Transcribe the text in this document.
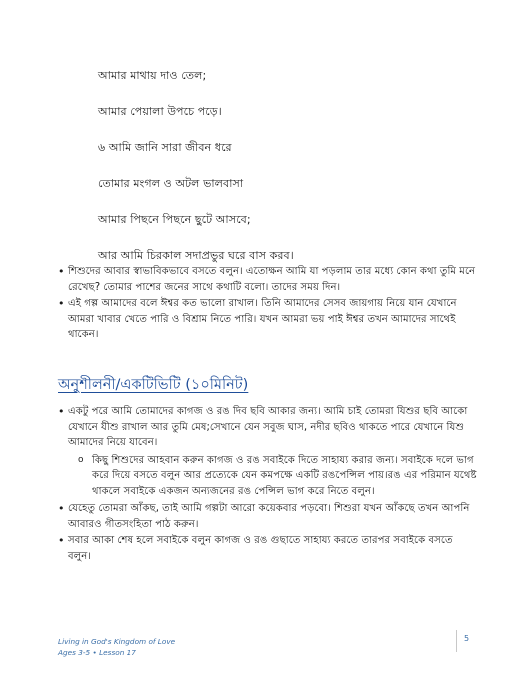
আমার মাথায় দাও তেল;

আমার পেয়ালা উপচে পড়ে।

৬ আমি জানি সারা জীবন ধরে

তোমার মংগল ও অটল ভালবাসা

আমার পিছনে পিছনে ছুটে আসবে;

আর আমি চিরকাল সদাপ্রভুর ঘরে বাস করব।

• শিশুদের আবার স্বাভাবিকভাবে বসতে বলুন। এতোক্ষন আমি যা পড়লাম তার মধ্যে কোন কথা তুমি মনে রেখেছ? তোমার পাশের জনের সাথে কথাটি বলো। তাদের সময় দিন।
• এই গল্প আমাদের বলে ঈশ্বর কত ভালো রাখাল। তিনি আমাদের সেসব জায়গায় নিয়ে যান যেখানে আমরা খাবার খেতে পারি ও বিশ্রাম নিতে পারি। যখন আমরা ভয় পাই ঈশ্বর তখন আমাদের সাথেই থাকেন।
অনুশীলনী/একটিভিটি (১০মিনিট)
• একটু পরে আমি তোমাদের কাগজ ও রঙ দিব ছবি আকার জন্য। আমি চাই তোমরা যিশুর ছবি আকো যেখানে যীশু রাখাল আর তুমি মেষ;সেখানে যেন সবুজ ঘাস, নদীর ছবিও থাকতে পারে যেখানে যিশু আমাদের নিয়ে যাবেন।
o কিছু শিশুদের আহবান করুন কাগজ ও রঙ সবাইকে দিতে সাহায্য করার জন্য। সবাইকে দলে ভাগ করে দিয়ে বসতে বলুন আর প্রত্যেকে যেন কমপক্ষে একটি রঙপেন্সিল পায়।রঙ এর পরিমান যথেষ্ট থাকলে সবাইকে একজন অন্যজনের রঙ পেন্সিল ভাগ করে নিতে বলুন।
• যেহেতু তোমরা আঁকছ, তাই আমি গল্পটা আরো কয়েকবার পড়বো। শিশুরা যখন আঁকছে তখন আপনি আবারও গীতসংহিতা পাঠ করুন।
• সবার আকা শেষ হলে সবাইকে বলুন কাগজ ও রঙ গুছাতে সাহায্য করতে তারপর সবাইকে বসতে বলুন।
Living in God's Kingdom of Love
Ages 3-5 • Lesson 17
5
